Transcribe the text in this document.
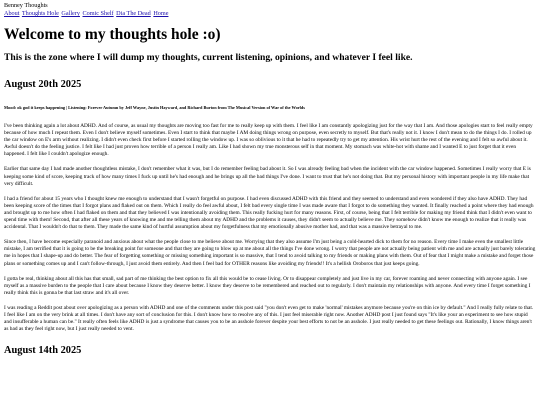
Benney Thoughts
About Thoughts Hole Gallery Comic Shelf Dia The Dead Home
Welcome to my thoughts hole :o)
This is the zone where I will dump my thoughts, current listening, opinions, and whatever I feel like.
August 20th 2025
Mood: ok god it keeps happening | Listening: Forever Autumn by Jeff Wayne, Justin Hayward, and Richard Burton from The Musical Version of War of the Worlds

I've been thinking again a lot about ADHD. And of course, as usual my thoughts are moving too fast for me to really keep up with them. I feel like I am constantly apologizing just for the way that I am. And those apologies start to feel really empty because of how much I repeat them. Even I don't believe myself sometimes. Even I start to think that maybe I AM doing things wrong on purpose, even secretly to myself. But that's really not it. I know I don't mean to do the things I do. I rolled up the car window on E's arm without realizing. I didn't even check first before I started rolling the window up. I was so oblivious to it that he had to repeatedly try to get my attention. His wrist hurt the rest of the evening and I felt so awful about it. Awful doesn't do the feeling justice. I felt like I had just proven how terrible of a person I really am. Like I had shown my true monsterous self in that moment. My stomach was white-hot with shame and I wanted E to just forget that it even happened. I felt like I couldn't apologize enough.

Earlier that same day I had made another thoughtless mistake, I don't remember what it was, but I do remember feeling bad about it. So I was already feeling bad when the incident with the car window happened. Sometimes I really worry that E is keeping some kind of score, keeping track of how many times I fuck up until he's had enough and he brings up all the bad things I've done. I want to trust that he's not doing that. But my personal history with important people in my life make that very difficult.

I had a friend for about 15 years who I thought knew me enough to understand that I wasn't forgetful on purpose. I had even discussed ADHD with this friend and they seemed to understand and even wondered if they also have ADHD. They had been keeping score of the times that I forgot plans and flaked out on them. Which I really do feel awful about, I felt bad every single time I was made aware that I forgot to do something they wanted. It finally reached a point where they had enough and brought up to me how often I had flaked on them and that they believed I was intentionally avoiding them. This really fucking hurt for many reasons. First, of course, being that I felt terrible for making my friend think that I didn't even want to spend time with them! Second, that after all these years of knowing me and me telling them about my ADHD and the problems it causes, they didn't seem to actually believe me. They somehow didn't know me enough to realize that it really was accidental. That I wouldn't do that to them. They made the same kind of hurtful assumption about my forgetfulness that my emotionally abusive mother had, and that was a massive betrayal to me.

Since then, I have become especially paranoid and anxious about what the people close to me believe about me. Worrying that they also assume I'm just being a cold-hearted dick to them for no reason. Every time I make even the smallest little mistake, I am terrified that it is going to be the breaking point for someone and that they are going to blow up at me about all the things I've done wrong. I worry that people are not actually being patient with me and are actually just barely tolerating me in hopes that I shape-up and do better. The fear of forgetting something or missing something important is so massive, that I tend to avoid talking to my friends or making plans with them. Out of fear that I might make a mistake and forget those plans or something comes up and I can't follow-through, I just avoid them entirely. And then I feel bad for OTHER reasons like avoiding my friends!! It's a hellish Oroboros that just keeps going.

I gotta be real, thinking about all this has that small, sad part of me thinking the best option to fix all this would be to cease living. Or to disappear completely and just live in my car, forever roaming and never connecting with anyone again. I see myself as a massive burden to the people that I care about because I know they deserve better. I know they deserve to be remembered and reached out to regularly. I don't maintain my relationships with anyone. And every time I forget something I really think this is gonna be that last straw and it's all over.

I was reading a Reddit post about over apologizing as a person with ADHD and one of the comments under this post said "you don't even get to make 'normal' mistakes anymore because you're on thin ice by default." And I really fully relate to that. I feel like I am on the very brink at all times. I don't have any sort of conclusion for this. I don't know how to resolve any of this. I just feel miserable right now. Another ADHD post I just found says "It's like your an experiment to see how stupid and insufferable a human can be." It really often feels like ADHD is just a syndrome that causes you to be an asshole forever despite your best efforts to not be an asshole. I just really needed to get these feelings out. Rationally, I know things aren't as bad as they feel right now, but I just really needed to vent.

August 14th 2025
